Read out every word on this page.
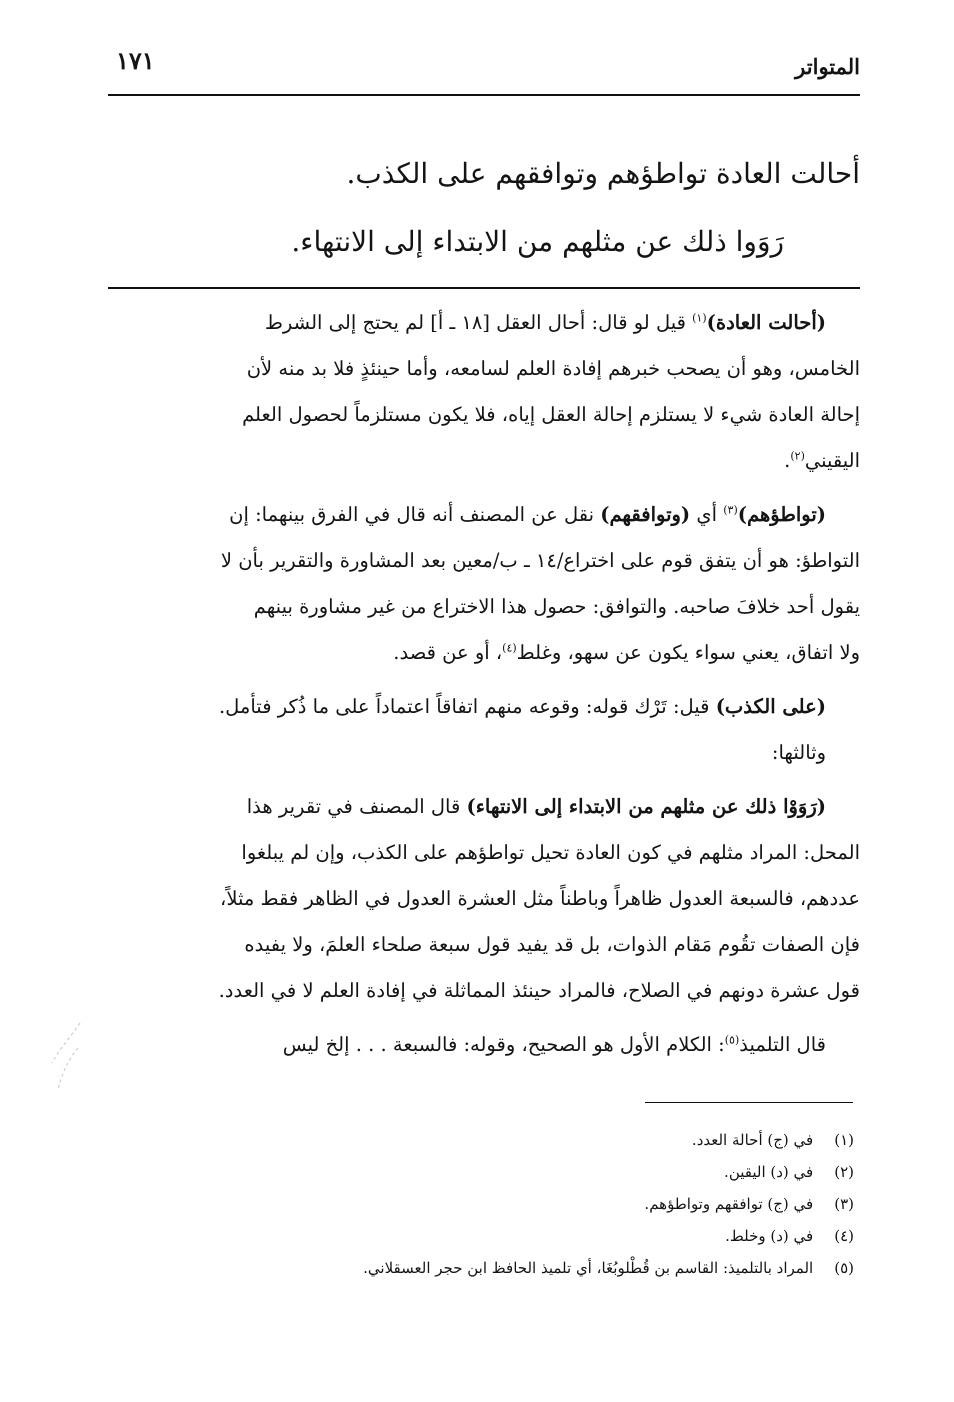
المتواتر
١٧١
أحالت العادة تواطؤهم وتوافقهم على الكذب.
رَوَوا ذلك عن مثلهم من الابتداء إلى الانتهاء.
(أحالت العادة)$^{(١)}$ قيل لو قال: أحال العقل [١٨ ـ أ] لم يحتج إلى الشرط
الخامس، وهو أن يصحب خبرهم إفادة العلم لسامعه، وأما حينئذٍ فلا بد منه لأن
إحالة العادة شيء لا يستلزم إحالة العقل إياه، فلا يكون مستلزماً لحصول العلم
اليقيني$^{(٢)}$.
(تواطؤهم)$^{(٣)}$ أي (وتوافقهم) نقل عن المصنف أنه قال في الفرق بينهما: إن
التواطؤ: هو أن يتفق قوم على اختراع/١٤ ـ ب/معين بعد المشاورة والتقرير بأن لا
يقول أحد خلافَ صاحبه. والتوافق: حصول هذا الاختراع من غير مشاورة بينهم
ولا اتفاق، يعني سواء يكون عن سهو، وغلط$^{(٤)}$، أو عن قصد.
(على الكذب) قيل: تَرْك قوله: وقوعه منهم اتفاقاً اعتماداً على ما ذُكر فتأمل.
وثالثها:
(رَوَوْا ذلك عن مثلهم من الابتداء إلى الانتهاء) قال المصنف في تقرير هذا
المحل: المراد مثلهم في كون العادة تحيل تواطؤهم على الكذب، وإن لم يبلغوا
عددهم، فالسبعة العدول ظاهراً وباطناً مثل العشرة العدول في الظاهر فقط مثلاً،
فإن الصفات تقُوم مَقام الذوات، بل قد يفيد قول سبعة صلحاء العلمَ، ولا يفيده
قول عشرة دونهم في الصلاح، فالمراد حينئذ المماثلة في إفادة العلم لا في العدد.
قال التلميذ$^{(٥)}$: الكلام الأول هو الصحيح، وقوله: فالسبعة . . . إلخ ليس
(١) في (ج) أحالة العدد.
(٢) في (د) اليقين.
(٣) في (ج) توافقهم وتواطؤهم.
(٤) في (د) وخلط.
(٥) المراد بالتلميذ: القاسم بن قُطْلوبُغَا، أي تلميذ الحافظ ابن حجر العسقلاني.
